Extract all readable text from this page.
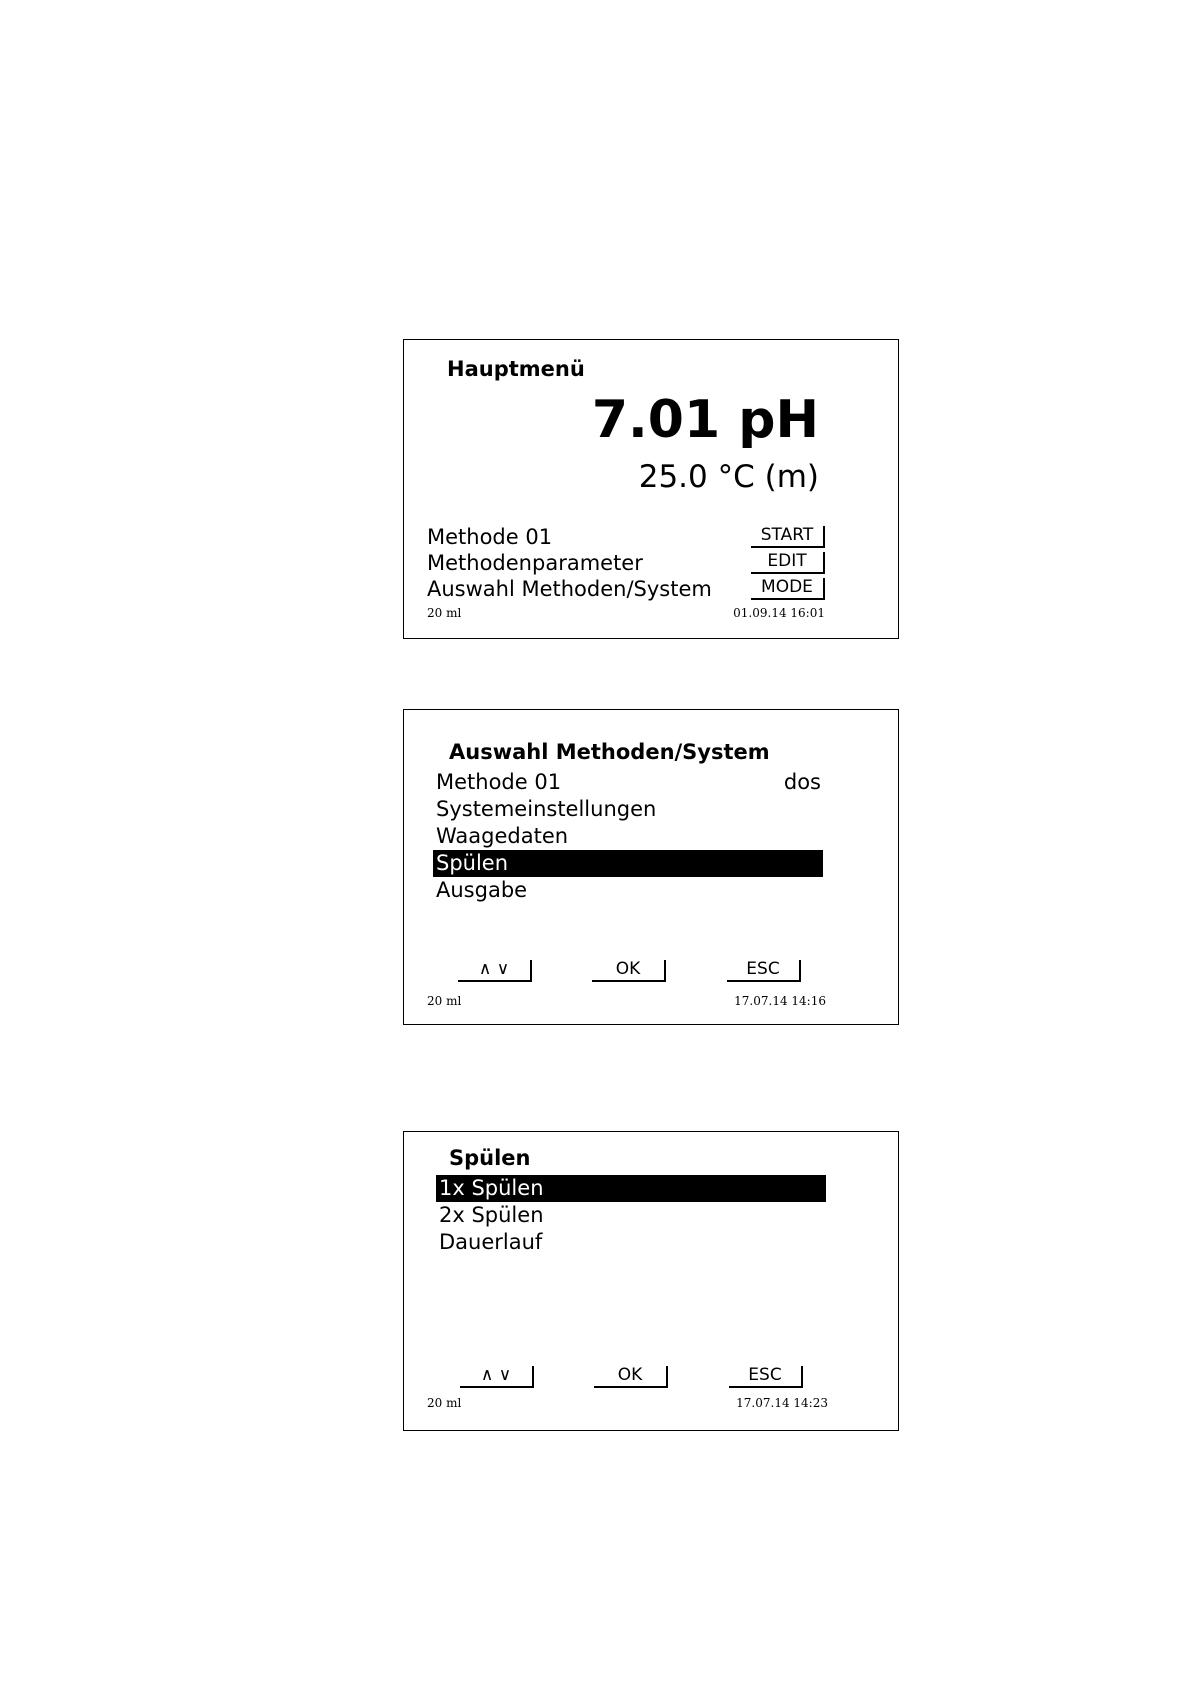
Hauptmenü
7.01 pH
25.0 °C (m)
Methode 01
Methodenparameter
Auswahl Methoden/System
START
EDIT
MODE
20 ml	01.09.14 16:01
Auswahl Methoden/System
Methode 01	dos
Systemeinstellungen
Waagedaten
Spülen
Ausgabe
∧ ∨	OK	ESC
20 ml	17.07.14 14:16
Spülen
1x Spülen
2x Spülen
Dauerlauf
∧ ∨	OK	ESC
20 ml	17.07.14 14:23
